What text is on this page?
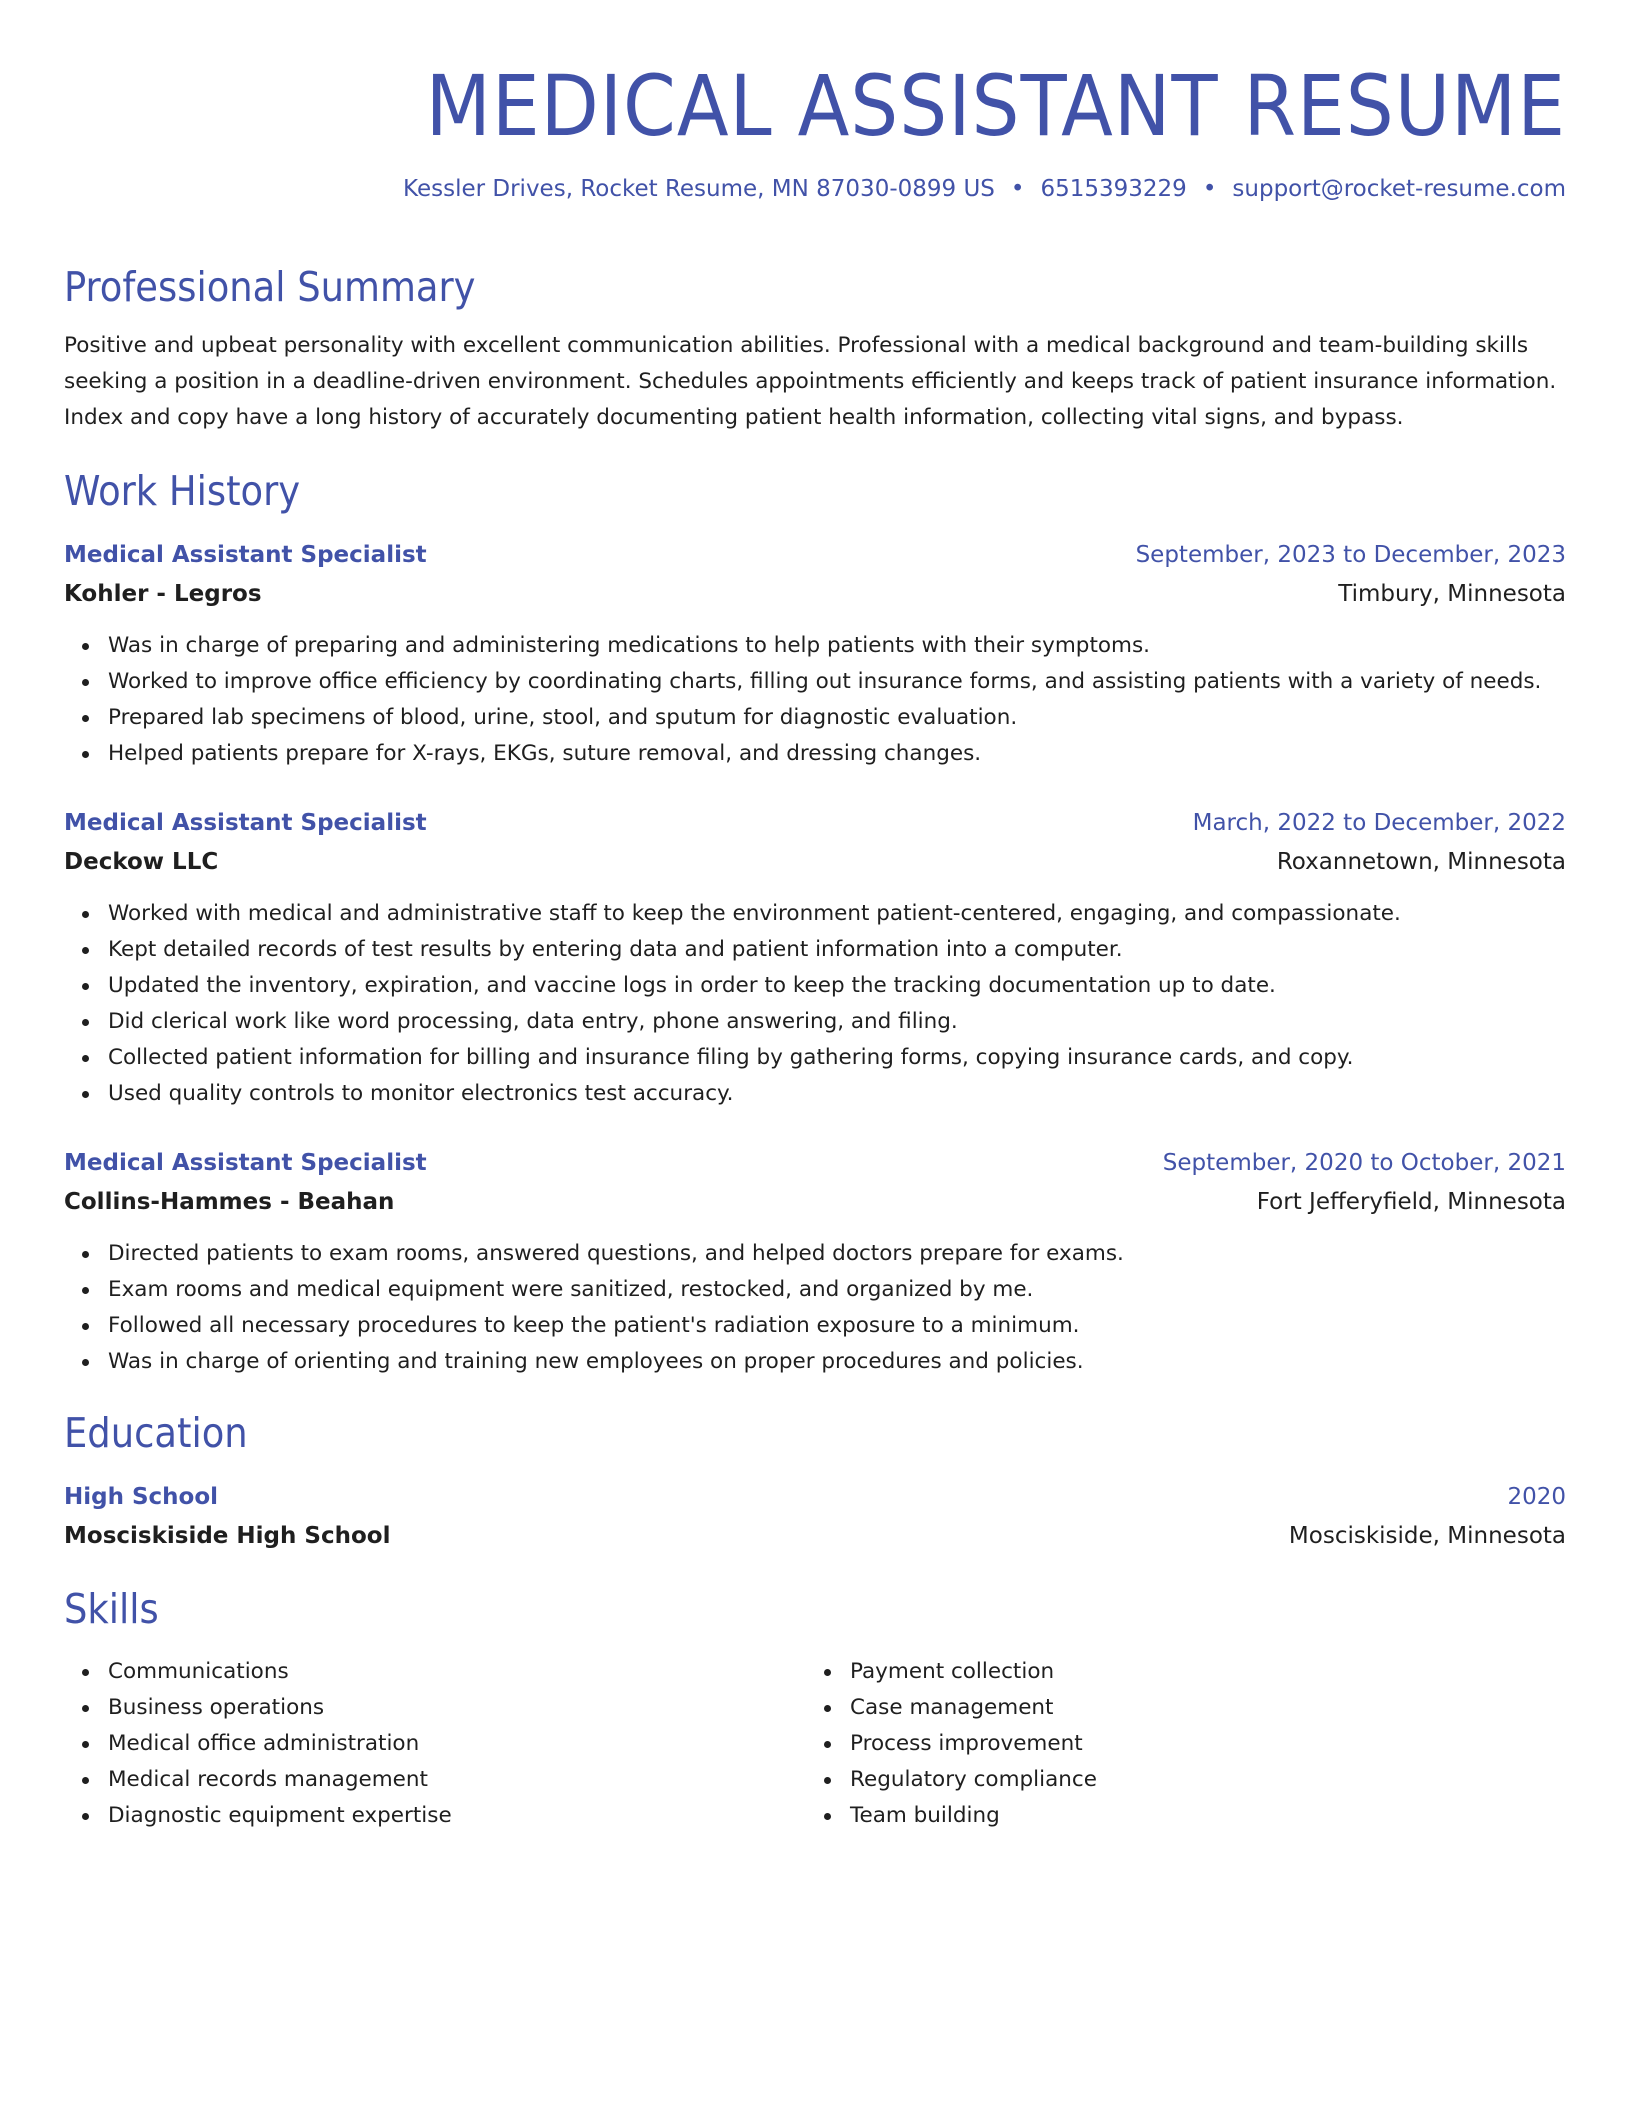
MEDICAL ASSISTANT RESUME
Kessler Drives, Rocket Resume, MN 87030-0899 US • 6515393229 • support@rocket-resume.com
Professional Summary
Positive and upbeat personality with excellent communication abilities. Professional with a medical background and team-building skills seeking a position in a deadline-driven environment. Schedules appointments efficiently and keeps track of patient insurance information. Index and copy have a long history of accurately documenting patient health information, collecting vital signs, and bypass.
Work History
Medical Assistant Specialist	September, 2023 to December, 2023
Kohler - Legros	Timbury, Minnesota
Was in charge of preparing and administering medications to help patients with their symptoms.
Worked to improve office efficiency by coordinating charts, filling out insurance forms, and assisting patients with a variety of needs.
Prepared lab specimens of blood, urine, stool, and sputum for diagnostic evaluation.
Helped patients prepare for X-rays, EKGs, suture removal, and dressing changes.
Medical Assistant Specialist	March, 2022 to December, 2022
Deckow LLC	Roxannetown, Minnesota
Worked with medical and administrative staff to keep the environment patient-centered, engaging, and compassionate.
Kept detailed records of test results by entering data and patient information into a computer.
Updated the inventory, expiration, and vaccine logs in order to keep the tracking documentation up to date.
Did clerical work like word processing, data entry, phone answering, and filing.
Collected patient information for billing and insurance filing by gathering forms, copying insurance cards, and copy.
Used quality controls to monitor electronics test accuracy.
Medical Assistant Specialist	September, 2020 to October, 2021
Collins-Hammes - Beahan	Fort Jefferyfield, Minnesota
Directed patients to exam rooms, answered questions, and helped doctors prepare for exams.
Exam rooms and medical equipment were sanitized, restocked, and organized by me.
Followed all necessary procedures to keep the patient's radiation exposure to a minimum.
Was in charge of orienting and training new employees on proper procedures and policies.
Education
High School	2020
Mosciskiside High School	Mosciskiside, Minnesota
Skills
Communications
Business operations
Medical office administration
Medical records management
Diagnostic equipment expertise
Payment collection
Case management
Process improvement
Regulatory compliance
Team building
